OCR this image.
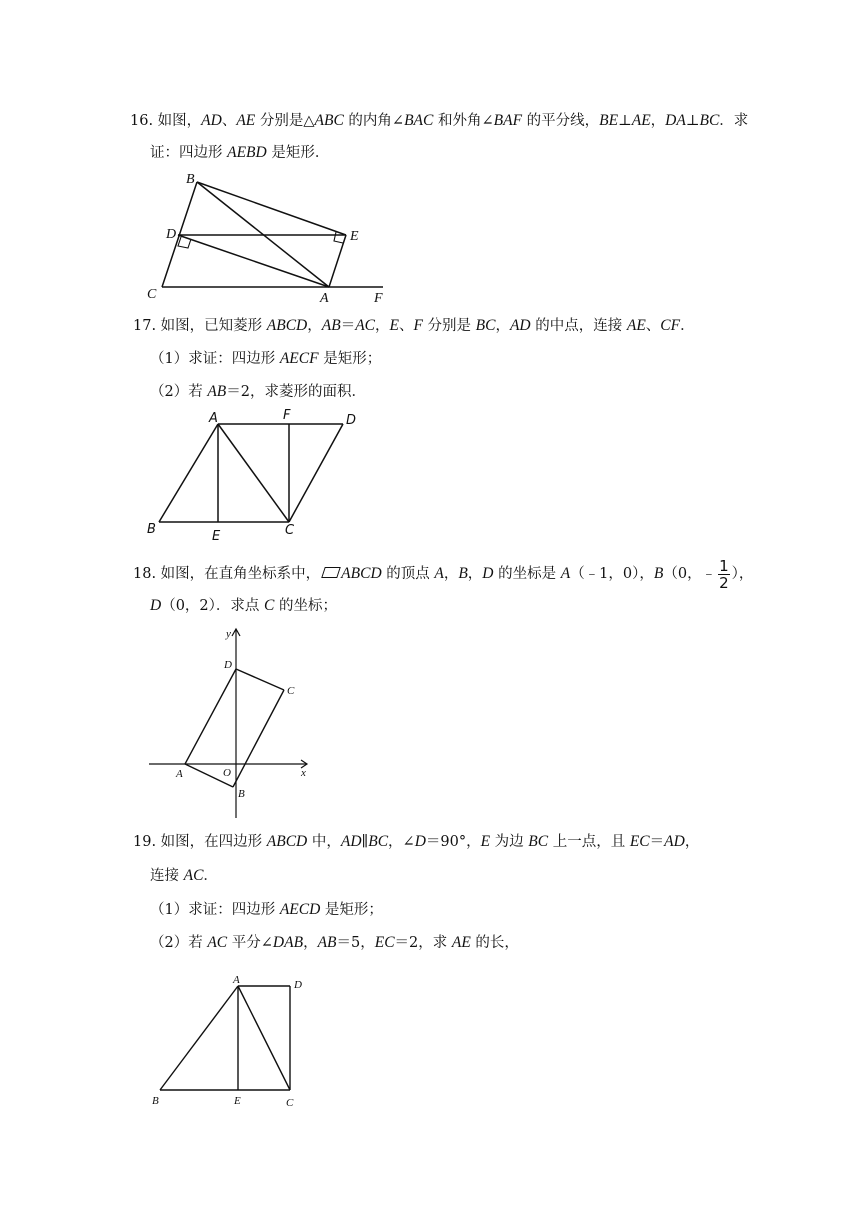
16. 如图，AD、AE 分别是△ABC 的内角∠BAC 和外角∠BAF 的平分线，BE⊥AE，DA⊥BC．求
证：四边形 AEBD 是矩形．
B
D	E
C	A	F
A	F	D
B	E	C
y
D
C
A	O
B
x
A	D
B	E	C
17. 如图，已知菱形 ABCD，AB＝AC，E、F 分别是 BC，AD 的中点，连接 AE、CF．
（1）求证：四边形 AECF 是矩形；
（2）若 AB＝2，求菱形的面积．
18. 如图，在直角坐标系中， ABCD 的顶点 A，B，D 的坐标是 A（﹣1，0），B（0，﹣ $\frac{1}{2}$ ），
D（0，2）．求点 C 的坐标；
19. 如图，在四边形 ABCD 中，AD∥BC，∠D＝90°，E 为边 BC 上一点，且 EC＝AD，
连接 AC．
（1）求证：四边形 AECD 是矩形；
（2）若 AC 平分∠DAB，AB＝5，EC＝2，求 AE 的长，
